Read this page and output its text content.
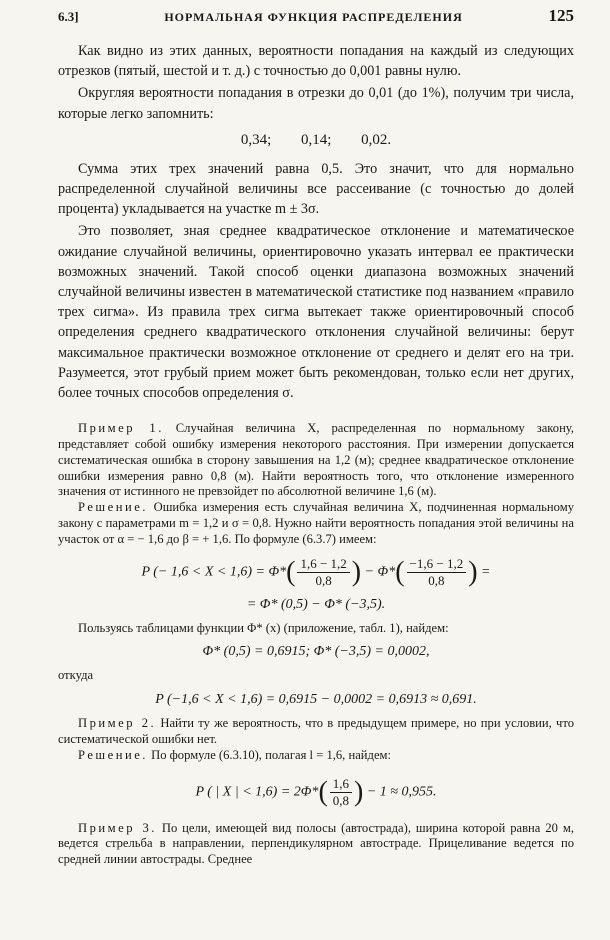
6.3]	НОРМАЛЬНАЯ ФУНКЦИЯ РАСПРЕДЕЛЕНИЯ	125

Как видно из этих данных, вероятности попадания на каждый из следующих отрезков (пятый, шестой и т. д.) с точностью до 0,001 равны нулю.

Округляя вероятности попадания в отрезки до 0,01 (до 1%), получим три числа, которые легко запомнить:

0,34; 0,14; 0,02.

Сумма этих трех значений равна 0,5. Это значит, что для нормально распределенной случайной величины все рассеивание (с точностью до долей процента) укладывается на участке m ± 3σ.

Это позволяет, зная среднее квадратическое отклонение и математическое ожидание случайной величины, ориентировочно указать интервал ее практически возможных значений. Такой способ оценки диапазона возможных значений случайной величины известен в математической статистике под названием «правило трех сигма». Из правила трех сигма вытекает также ориентировочный способ определения среднего квадратического отклонения случайной величины: берут максимальное практически возможное отклонение от среднего и делят его на три. Разумеется, этот грубый прием может быть рекомендован, только если нет других, более точных способов определения σ.

Пример 1. Случайная величина X, распределенная по нормальному закону, представляет собой ошибку измерения некоторого расстояния. При измерении допускается систематическая ошибка в сторону завышения на 1,2 (м); среднее квадратическое отклонение ошибки измерения равно 0,8 (м). Найти вероятность того, что отклонение измеренного значения от истинного не превзойдет по абсолютной величине 1,6 (м).

Решение. Ошибка измерения есть случайная величина X, подчиненная нормальному закону с параметрами m = 1,2 и σ = 0,8. Нужно найти вероятность попадания этой величины на участок от α = − 1,6 до β = + 1,6. По формуле (6.3.7) имеем:

P (− $1,6 < X < 1,6) = \Phi*( \frac{1,6 - 1,2}{0,8}$ ) − $\Phi*( \frac{-1,6 - 1,2}{0,8}$ ) =
= Φ* (0,5) − Φ* (−3,5).

Пользуясь таблицами функции Φ* (x) (приложение, табл. 1), найдем:

Φ* (0,5) = 0,6915; Φ* (−3,5) = 0,0002,
откуда
P (−1,6 < X < 1,6) = 0,6915 − 0,0002 = 0,6913 ≈ 0,691.

Пример 2. Найти ту же вероятность, что в предыдущем примере, но при условии, что систематической ошибки нет.

Решение. По формуле (6.3.10), полагая l = 1,6, найдем:

P ( | X | < $1,6) = 2\Phi*( \frac{1,6}{0,8}$ ) − 1 ≈ 0,955.

Пример 3. По цели, имеющей вид полосы (автострада), ширина которой равна 20 м, ведется стрельба в направлении, перпендикулярном автостраде. Прицеливание ведется по средней линии автострады. Среднее
